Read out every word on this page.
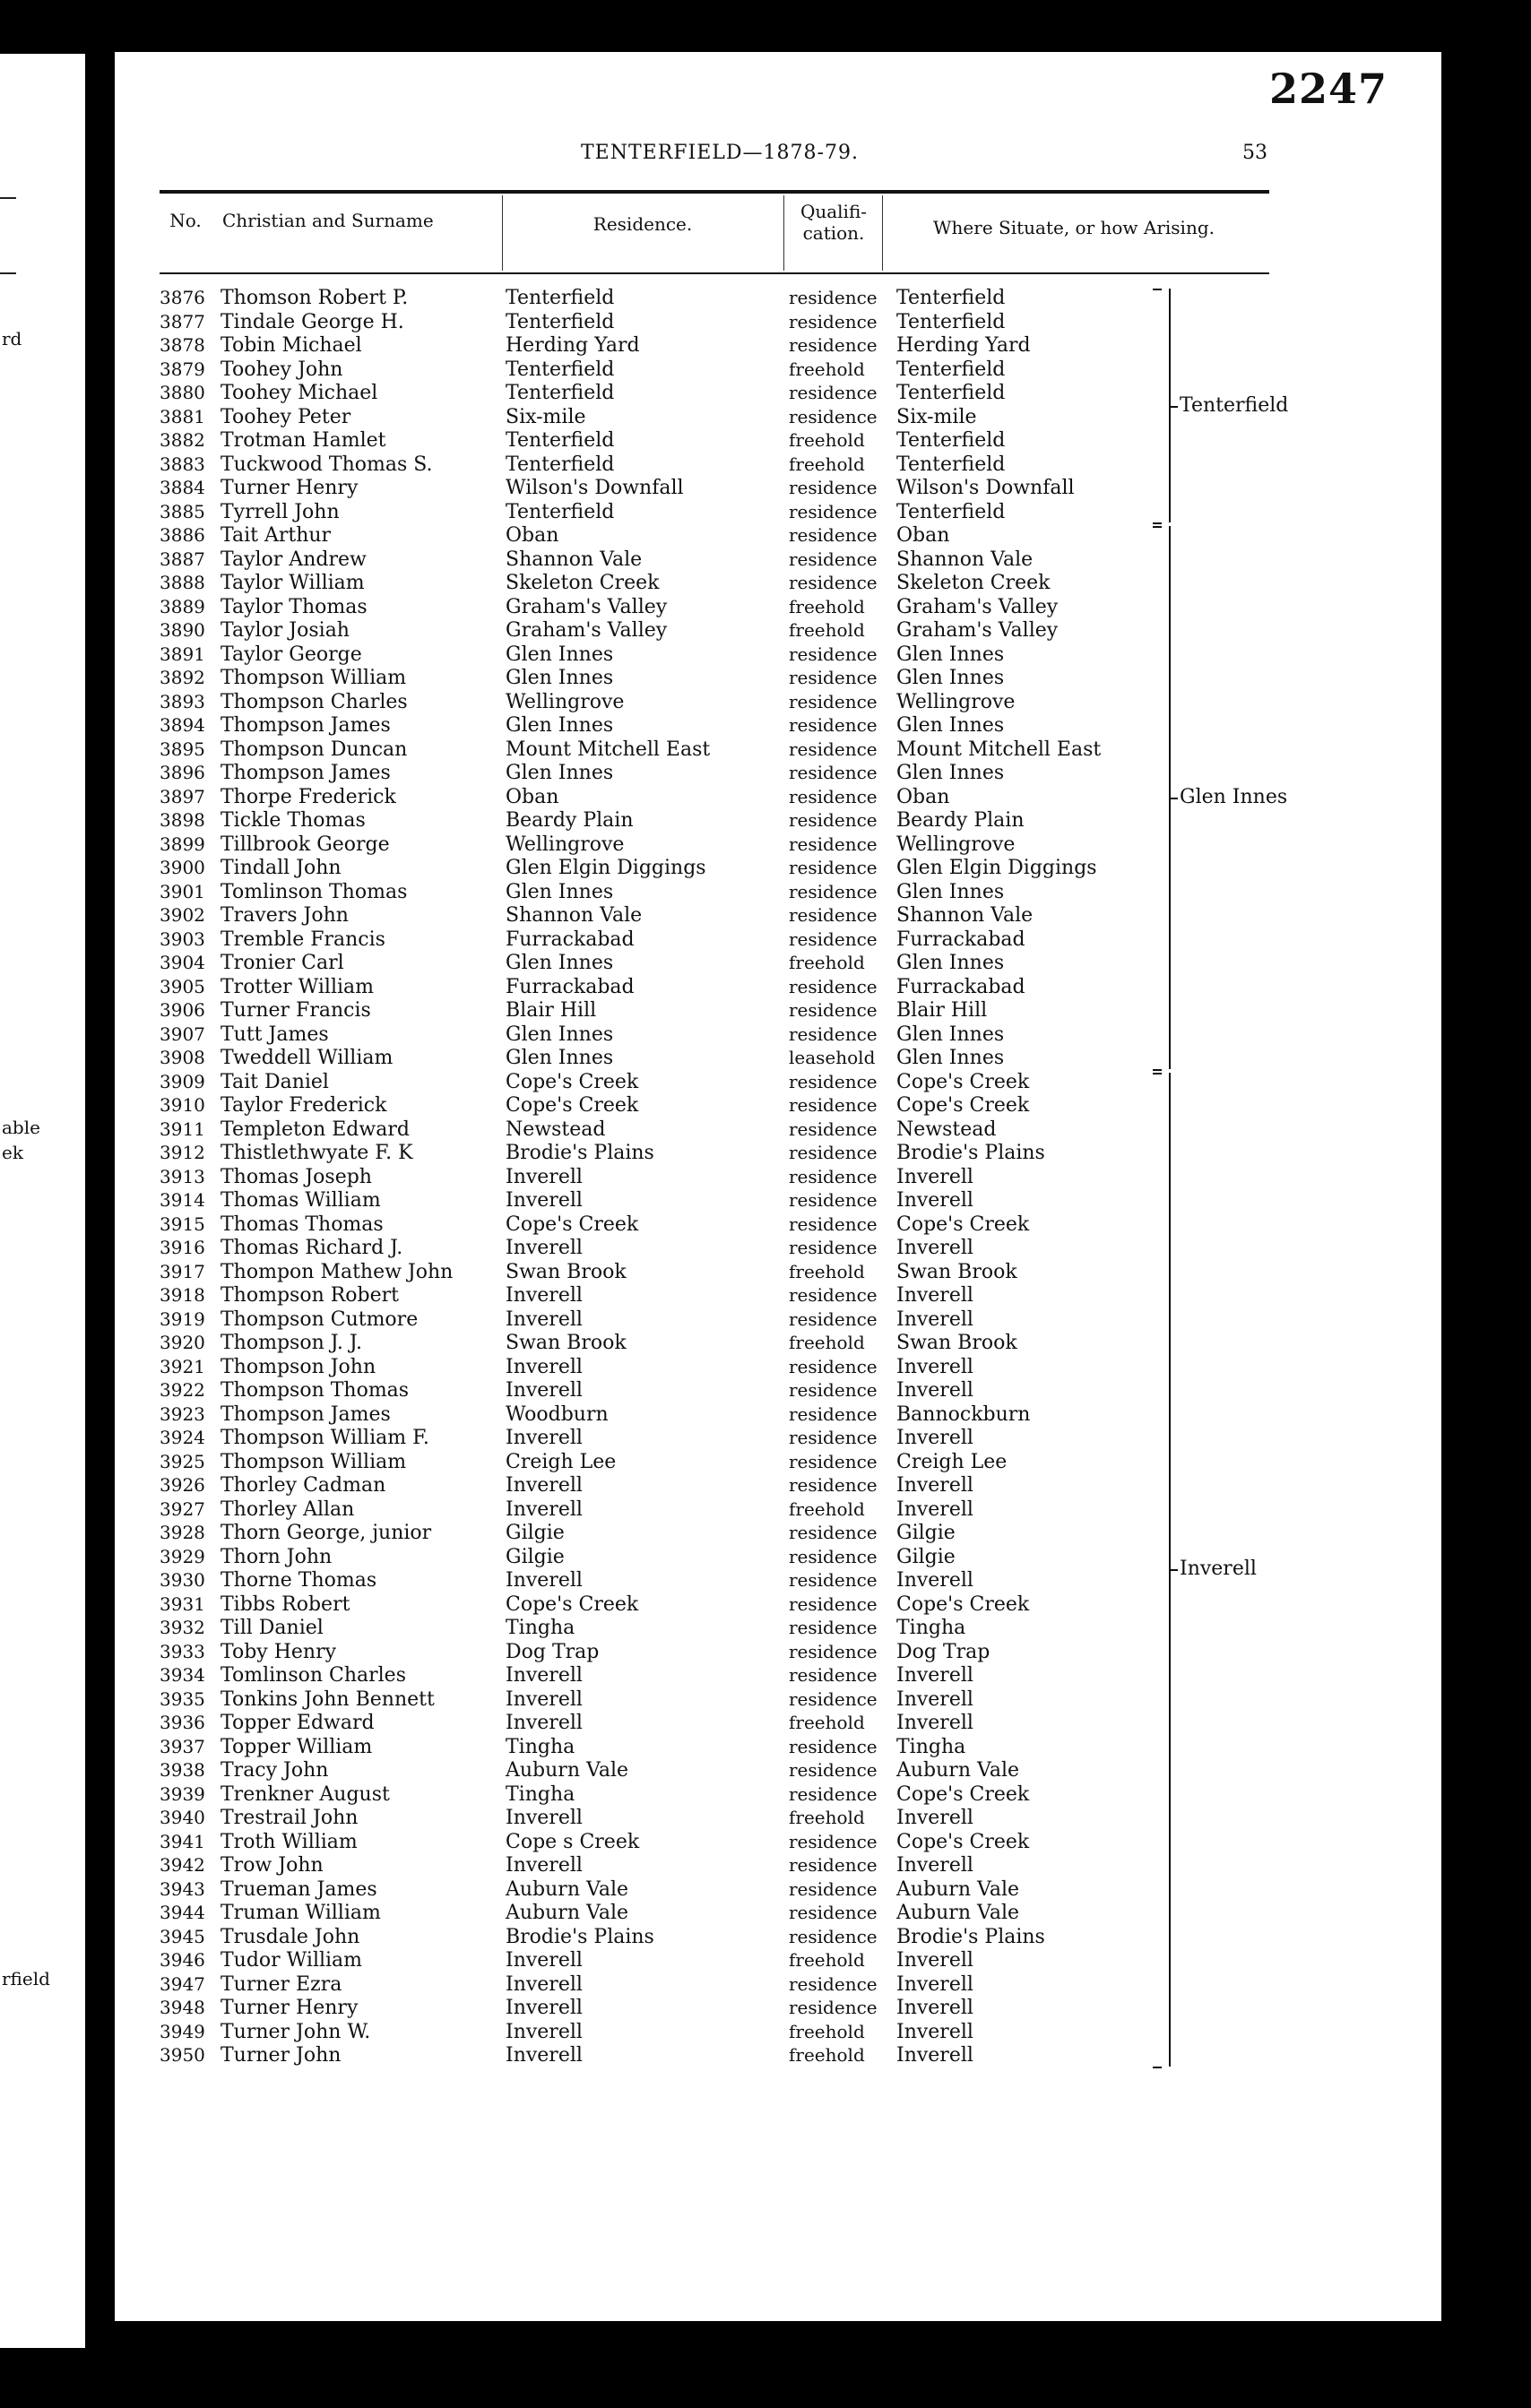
rd
able
ek
rfield
2247
TENTERFIELD—1878-79.	53
No.	Christian and Surname	Residence.
Qualifi-
cation.	Where Situate, or how Arising.
3876 Thomson Robert P.	Tenterfield	residence Tenterfield
3877 Tindale George H.	Tenterfield	residence Tenterfield
3878 Tobin Michael	Herding Yard	residence Herding Yard
3879 Toohey John	Tenterfield	freehold Tenterfield
3880 Toohey Michael	Tenterfield	residence Tenterfield
3881 Toohey Peter	Six-mile	residence Six-mile
3882 Trotman Hamlet	Tenterfield	freehold Tenterfield
3883 Tuckwood Thomas S.	Tenterfield	freehold Tenterfield
3884 Turner Henry	Wilson's Downfall	residence Wilson's Downfall
3885 Tyrrell John	Tenterfield	residence Tenterfield
3886 Tait Arthur	Oban	residence Oban
3887 Taylor Andrew	Shannon Vale	residence Shannon Vale
3888 Taylor William	Skeleton Creek	residence Skeleton Creek
3889 Taylor Thomas	Graham's Valley	freehold Graham's Valley
3890 Taylor Josiah	Graham's Valley	freehold Graham's Valley
3891 Taylor George	Glen Innes	residence Glen Innes
3892 Thompson William	Glen Innes	residence Glen Innes
3893 Thompson Charles	Wellingrove	residence Wellingrove
3894 Thompson James	Glen Innes	residence Glen Innes
3895 Thompson Duncan	Mount Mitchell East	residence Mount Mitchell East
3896 Thompson James	Glen Innes	residence Glen Innes
3897 Thorpe Frederick	Oban	residence Oban
3898 Tickle Thomas	Beardy Plain	residence Beardy Plain
3899 Tillbrook George	Wellingrove	residence Wellingrove
3900 Tindall John	Glen Elgin Diggings	residence Glen Elgin Diggings
3901 Tomlinson Thomas	Glen Innes	residence Glen Innes
3902 Travers John	Shannon Vale	residence Shannon Vale
3903 Tremble Francis	Furrackabad	residence Furrackabad
3904 Tronier Carl	Glen Innes	freehold Glen Innes
3905 Trotter William	Furrackabad	residence Furrackabad
3906 Turner Francis	Blair Hill	residence Blair Hill
3907 Tutt James	Glen Innes	residence Glen Innes
3908 Tweddell William	Glen Innes	leasehold Glen Innes
3909 Tait Daniel	Cope's Creek	residence Cope's Creek
3910 Taylor Frederick	Cope's Creek	residence Cope's Creek
3911 Templeton Edward	Newstead	residence Newstead
3912 Thistlethwyate F. K	Brodie's Plains	residence Brodie's Plains
3913 Thomas Joseph	Inverell	residence Inverell
3914 Thomas William	Inverell	residence Inverell
3915 Thomas Thomas	Cope's Creek	residence Cope's Creek
3916 Thomas Richard J.	Inverell	residence Inverell
3917 Thompon Mathew John	Swan Brook	freehold Swan Brook
3918 Thompson Robert	Inverell	residence Inverell
3919 Thompson Cutmore	Inverell	residence Inverell
3920 Thompson J. J.	Swan Brook	freehold Swan Brook
3921 Thompson John	Inverell	residence Inverell
3922 Thompson Thomas	Inverell	residence Inverell
3923 Thompson James	Woodburn	residence Bannockburn
3924 Thompson William F.	Inverell	residence Inverell
3925 Thompson William	Creigh Lee	residence Creigh Lee
3926 Thorley Cadman	Inverell	residence Inverell
3927 Thorley Allan	Inverell	freehold Inverell
3928 Thorn George, junior	Gilgie	residence Gilgie
3929 Thorn John	Gilgie	residence Gilgie
3930 Thorne Thomas	Inverell	residence Inverell
3931 Tibbs Robert	Cope's Creek	residence Cope's Creek
3932 Till Daniel	Tingha	residence Tingha
3933 Toby Henry	Dog Trap	residence Dog Trap
3934 Tomlinson Charles	Inverell	residence Inverell
3935 Tonkins John Bennett	Inverell	residence Inverell
3936 Topper Edward	Inverell	freehold Inverell
3937 Topper William	Tingha	residence Tingha
3938 Tracy John	Auburn Vale	residence Auburn Vale
3939 Trenkner August	Tingha	residence Cope's Creek
3940 Trestrail John	Inverell	freehold Inverell
3941 Troth William	Cope s Creek	residence Cope's Creek
3942 Trow John	Inverell	residence Inverell
3943 Trueman James	Auburn Vale	residence Auburn Vale
3944 Truman William	Auburn Vale	residence Auburn Vale
3945 Trusdale John	Brodie's Plains	residence Brodie's Plains
3946 Tudor William	Inverell	freehold Inverell
3947 Turner Ezra	Inverell	residence Inverell
3948 Turner Henry	Inverell	residence Inverell
3949 Turner John W.	Inverell	freehold Inverell
3950 Turner John	Inverell	freehold Inverell
Tenterfield
Glen Innes
Inverell
